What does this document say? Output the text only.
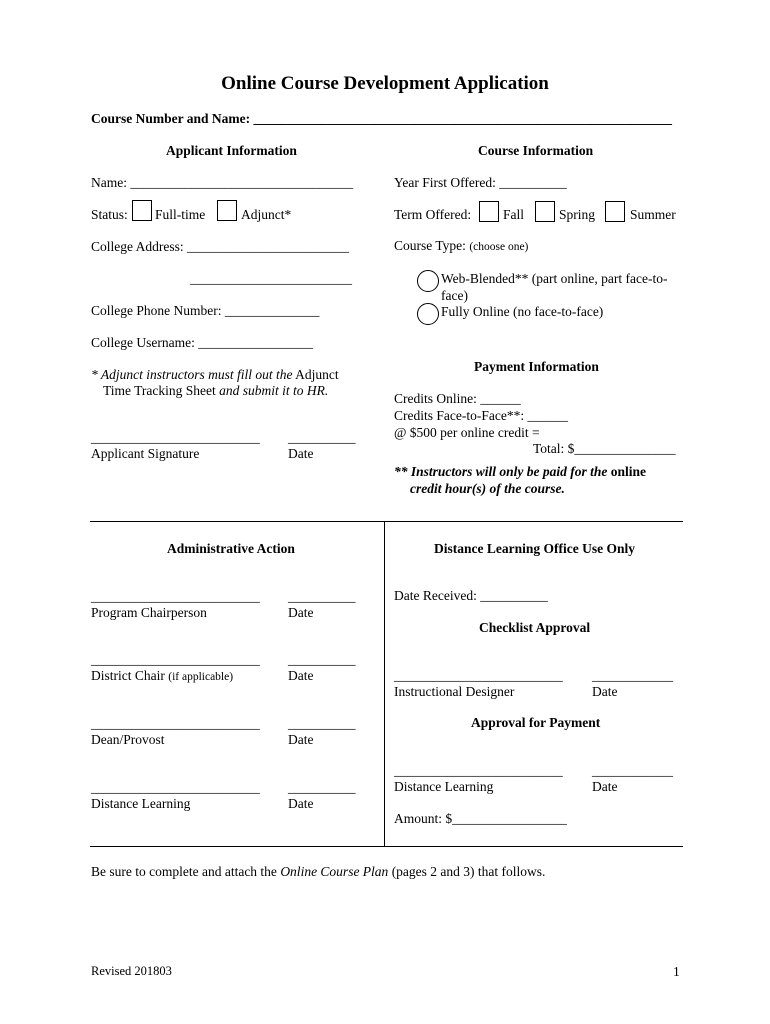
Online Course Development Application
Course Number and Name: ______________________________________________________________
Applicant Information	Course Information
Name: _________________________________
Status: Full-time	Adjunct*
College Address: ________________________
________________________
College Phone Number: ______________
College Username: _________________
* Adjunct instructors must fill out the Adjunct
Time Tracking Sheet and submit it to HR.
_________________________ __________
Applicant Signature	Date
Year First Offered: __________
Term Offered: Fall	Spring	Summer
Course Type: (choose one)
Web-Blended** (part online, part face-to-
face)
Fully Online (no face-to-face)
Payment Information
Credits Online: ______
Credits Face-to-Face**: ______
@ $500 per online credit =
Total: $_______________
** Instructors will only be paid for the online
credit hour(s) of the course.
Administrative Action
_________________________ __________
Program Chairperson	Date
_________________________ __________
District Chair (if applicable)	Date
_________________________ __________
Dean/Provost	Date
_________________________ __________
Distance Learning	Date
Distance Learning Office Use Only
Date Received: __________
Checklist Approval
_________________________ ____________
Instructional Designer	Date
Approval for Payment
_________________________ ____________
Distance Learning	Date
Amount: $_________________
Be sure to complete and attach the Online Course Plan (pages 2 and 3) that follows.
Revised 201803	1
